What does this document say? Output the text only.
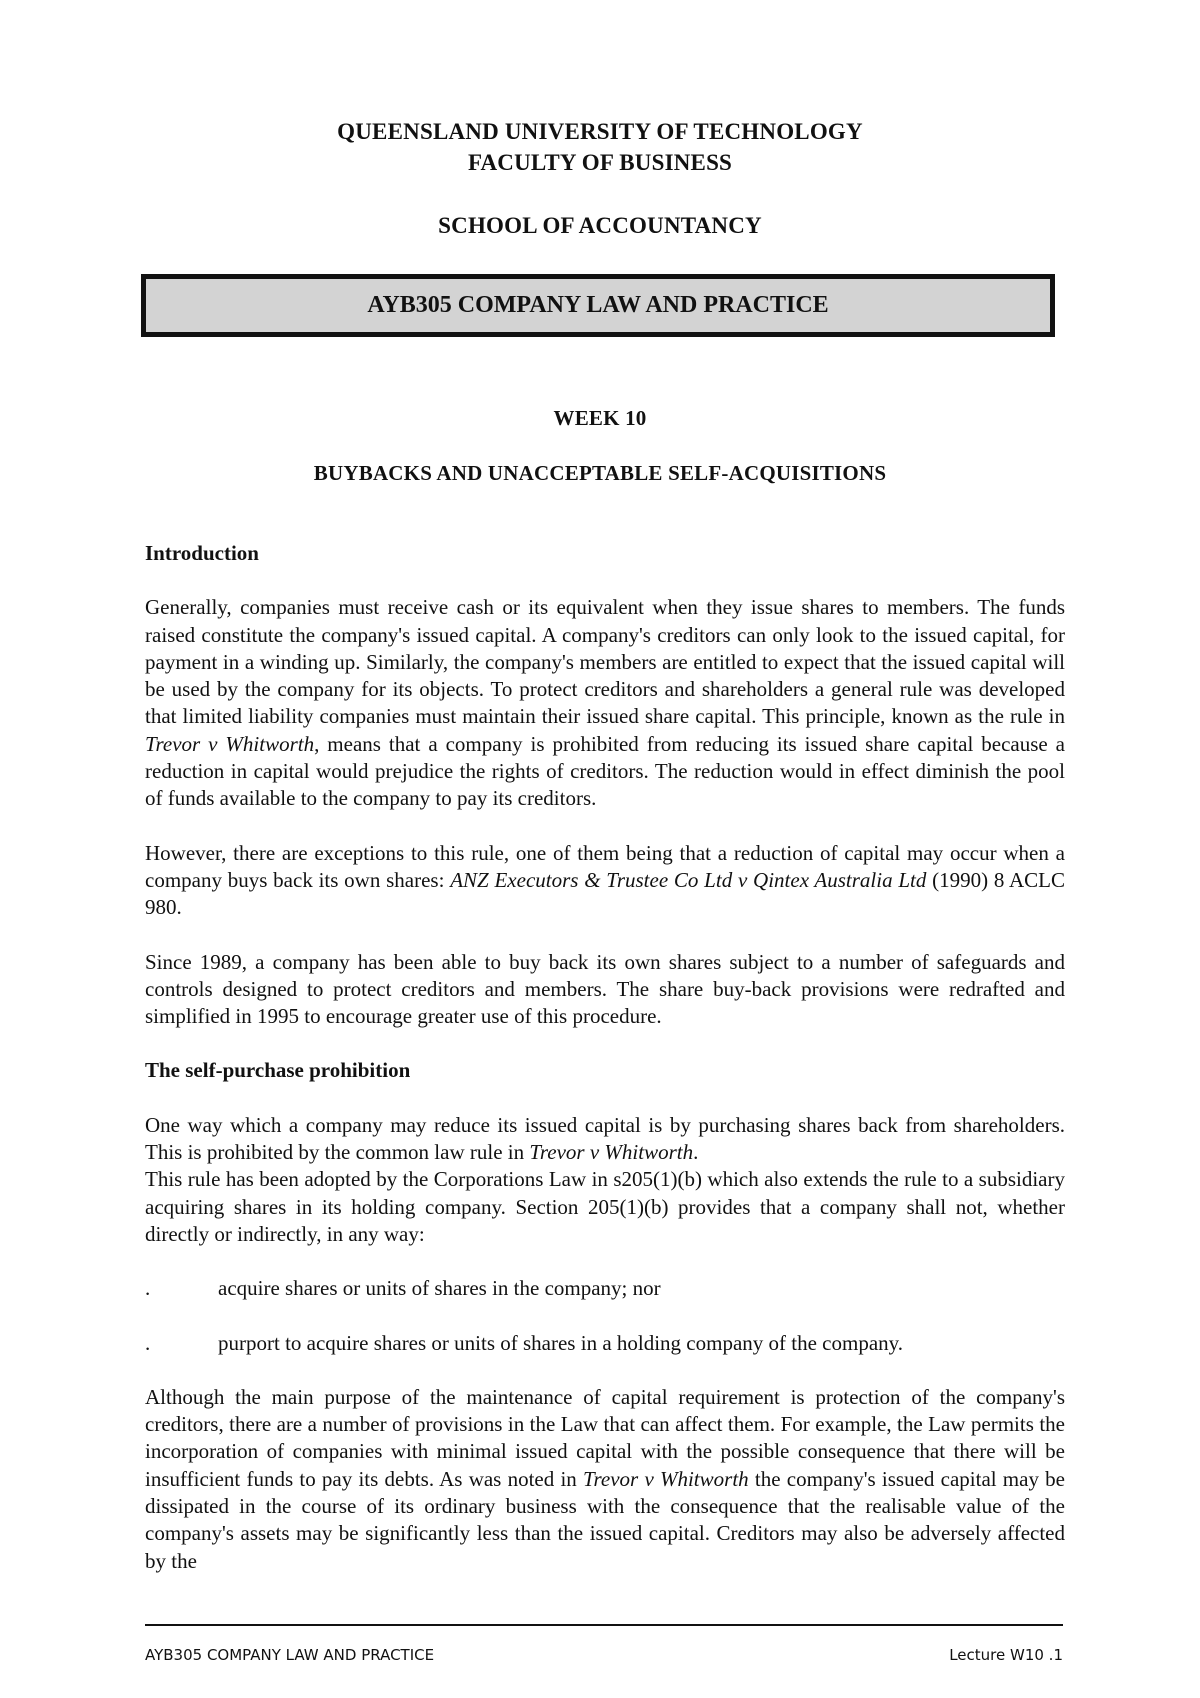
QUEENSLAND UNIVERSITY OF TECHNOLOGY
FACULTY OF BUSINESS
SCHOOL OF ACCOUNTANCY
AYB305 COMPANY LAW AND PRACTICE
WEEK 10
BUYBACKS AND UNACCEPTABLE SELF-ACQUISITIONS

Introduction

Generally, companies must receive cash or its equivalent when they issue shares to members. The funds raised constitute the company's issued capital. A company's creditors can only look to the issued capital, for payment in a winding up. Similarly, the company's members are entitled to expect that the issued capital will be used by the company for its objects. To protect creditors and shareholders a general rule was developed that limited liability companies must maintain their issued share capital. This principle, known as the rule in Trevor v Whitworth, means that a company is prohibited from reducing its issued share capital because a reduction in capital would prejudice the rights of creditors. The reduction would in effect diminish the pool of funds available to the company to pay its creditors.

However, there are exceptions to this rule, one of them being that a reduction of capital may occur when a company buys back its own shares: ANZ Executors & Trustee Co Ltd v Qintex Australia Ltd (1990) 8 ACLC 980.

Since 1989, a company has been able to buy back its own shares subject to a number of safeguards and controls designed to protect creditors and members. The share buy-back provisions were redrafted and simplified in 1995 to encourage greater use of this procedure.

The self-purchase prohibition

One way which a company may reduce its issued capital is by purchasing shares back from shareholders. This is prohibited by the common law rule in Trevor v Whitworth.

This rule has been adopted by the Corporations Law in s205(1)(b) which also extends the rule to a subsidiary acquiring shares in its holding company. Section 205(1)(b) provides that a company shall not, whether directly or indirectly, in any way:

.	acquire shares or units of shares in the company; nor

.	purport to acquire shares or units of shares in a holding company of the company.

Although the main purpose of the maintenance of capital requirement is protection of the company's creditors, there are a number of provisions in the Law that can affect them. For example, the Law permits the incorporation of companies with minimal issued capital with the possible consequence that there will be insufficient funds to pay its debts. As was noted in Trevor v Whitworth the company's issued capital may be dissipated in the course of its ordinary business with the consequence that the realisable value of the company's assets may be significantly less than the issued capital. Creditors may also be adversely affected by the

AYB305 COMPANY LAW AND PRACTICE	Lecture W10 .1
